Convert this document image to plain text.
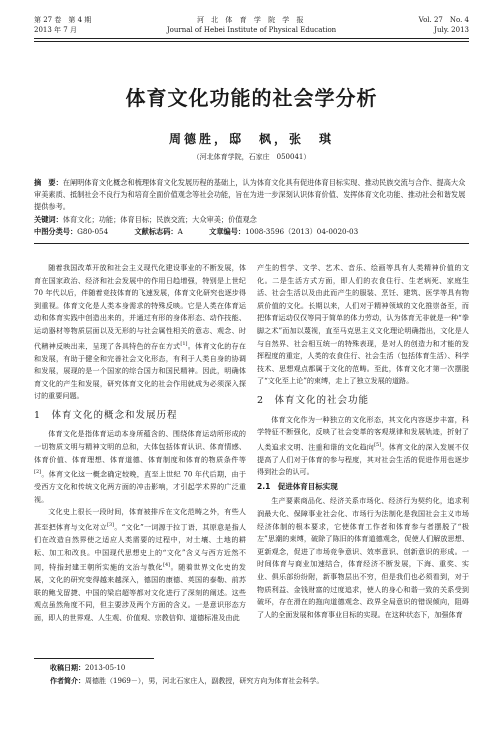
第 27 卷　第 4 期
2013 年 7 月
河 北 体 育 学 院 学 报
Journal of Hebei Institute of Physical Education
Vol. 27　No. 4
July. 2013
体育文化功能的社会学分析
周德胜，邸　枫，张　琪
（河北体育学院，石家庄　050041）
摘　要：在阐明体育文化概念和梳理体育文化发展历程的基础上，认为体育文化具有促进体育目标实现、推动民族交流与合作、提高大众审美素质、抵制社会不良行为和培育全面价值观念等社会功能，旨在为进一步深刻认识体育价值、发挥体育文化功能、推动社会和谐发展提供参考。
关键词：体育文化；功能；体育目标；民族交流；大众审美；价值观念
中图分类号：G80-054	文献标志码：A	文章编号：1008-3596（2013）04-0020-03

随着我国改革开放和社会主义现代化建设事业的不断发展，体育在国家政治、经济和社会发展中的作用日趋增强，特别是上世纪 70 年代以后，伴随着竞技体育的飞速发展，体育文化研究也逐步得到重视。体育文化是人类本身需求的特殊反映。它是人类在体育运动和体育实践中创造出来的，并通过有形的身体形态、动作技能、运动器材等物质层面以及无形的与社会属性相关的意志、观念、时代精神反映出来，呈现了各具特色的存在方式[1]。体育文化的存在和发展，有助于健全和完善社会文化形态，有利于人类自身的协调和发展，展现的是一个国家的综合国力和国民精神。因此，明确体育文化的产生和发展，研究体育文化的社会作用就成为必须深入探讨的重要问题。

1　体育文化的概念和发展历程

体育文化是指体育运动本身所蕴含的、围绕体育运动所形成的一切物质文明与精神文明的总和，大体包括体育认识、体育情感、体育价值、体育理想、体育道德、体育制度和体育的物质条件等[2]。体育文化这一概念确定较晚，直至上世纪 70 年代后期，由于受西方文化和传统文化两方面的冲击影响，才引起学术界的广泛重视。

文化史上很长一段时间，体育被排斥在文化范畴之外，有些人甚至把体育与文化对立[3]。“文化”一词源于拉丁语，其原意是指人们在改造自然界使之适应人类需要的过程中，对土壤、土地的耕耘、加工和改良。中国现代思想史上的“文化”含义与西方近然不同，特指封建王朝所实施的文治与教化[4]。随着世界文化史的发展，文化的研究变得越来越深入，德国的康德、英国的泰勒、前苏联的鲍戈留捷、中国的梁启超等都对文化进行了深刻的阐述。这些观点虽然角度不同，但主要涉及两个方面的含义。一是意识形态方面，即人的世界观、人生观、价值观、宗教信仰、道德标准及由此

产生的哲学、文学、艺术、音乐、绘画等具有人类精神价值的文化。二是生活方式方面，即人们的衣食住行、生老病死、家庭生活、社会生活以及由此而产生的服装、烹饪、建筑、医学等具有物质价值的文化。长期以来，人们对于精神领域的文化推崇备至，而把体育运动仅仅等同于简单的体力劳动，认为体育无非就是一种“拳脚之术”而加以蔑视，直至马克思主义文化理论明确指出，文化是人与自然界、社会相互统一的特殊表现，是对人的创造力和才能的发挥程度的重定，人类的农食住行、社会生活（包括体育生活）、科学技术、思想观点都属于文化的范畴。至此，体育文化才第一次摆脱了“文化至上论”的束缚，走上了独立发展的道路。

2　体育文化的社会功能

体育文化作为一种独立的文化形态，其文化内容逐步丰富，科学特征不断强化，反映了社会变革的客观规律和发展轨迹，折射了人类追求文明、注重和谐的文化趋向[5]。体育文化的深入发展不仅提高了人们对于体育的参与程度，其对社会生活的促进作用也逐步得到社会的认可。

2.1　促进体育目标实现

生产要素商品化、经济关系市场化、经济行为契约化，追求利润最大化、保障事业社会化、市场行为法制化是我国社会主义市场经济体制的根本要求，它使体育工作者和体育参与者摆脱了“极左”思潮的束缚，破除了陈旧的体育道德观念，促使人们解放思想、更新观念，促进了市场竞争意识、效率意识、创新意识的形成。一时间体育与商业加速结合，体育经济不断发展，下海、重奖、实业、俱乐部纷纷附，新事物层出不穷，但是我们也必须看到，对于物质利益、金钱财富的过度追求，使人的身心和谐一致的关系受到破坏，存在滑在的拖向道德观念、政界全局意识的错误倾向，阻碍了人的全面发展和体育事业目标的实现。在这种状态下，加强体育

收稿日期：2013-05-10
作者简介：周德胜（1969－），男，河北石家庄人，副教授，研究方向为体育社会科学。
